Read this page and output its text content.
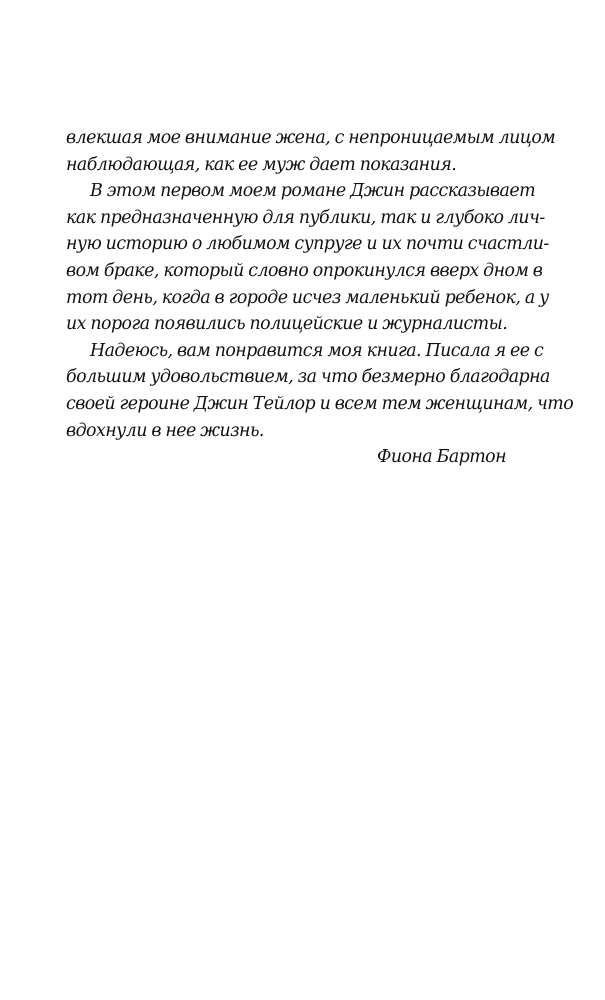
влекшая мое внимание жена, с непроницаемым лицом
наблюдающая, как ее муж дает показания.
В этом первом моем романе Джин рассказывает
как предназначенную для публики, так и глубоко лич-
ную историю о любимом супруге и их почти счастли-
вом браке, который словно опрокинулся вверх дном в
тот день, когда в городе исчез маленький ребенок, а у
их порога появились полицейские и журналисты.
Надеюсь, вам понравится моя книга. Писала я ее с
большим удовольствием, за что безмерно благодарна
своей героине Джин Тейлор и всем тем женщинам, что
вдохнули в нее жизнь.
Фиона Бартон
